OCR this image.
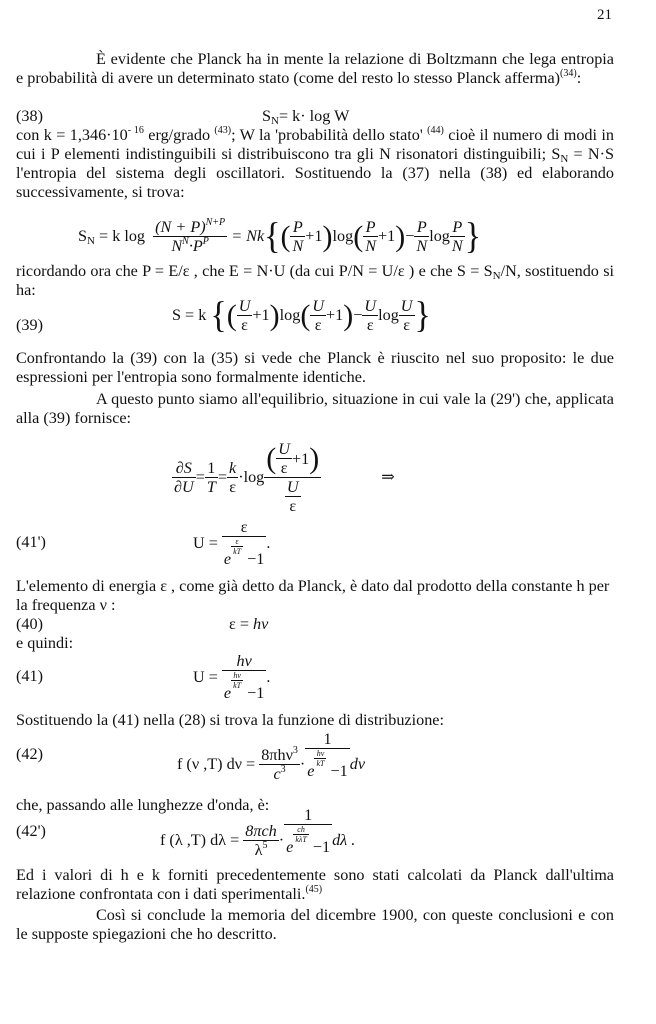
21
È evidente che Planck ha in mente la relazione di Boltzmann che lega entropia e probabilità di avere un determinato stato (come del resto lo stesso Planck afferma)$^{(34)}$:
(38)	$S_N= k\cdot \log W$
con $k = 1,346\cdot 10^{- 16}$ erg/grado $^{(43)}$; W la 'probabilità dello stato' $^{(44)}$ cioè il numero di modi in cui i P elementi indistinguibili si distribuiscono tra gli N risonatori distinguibili; $S_N = N\cdot S$ l'entropia del sistema degli oscillatori. Sostituendo la (37) nella (38) ed elaborando successivamente, si trova:
$S_N = k$ $\log \frac{(N + P)^{N+P}}{N^N\cdot P^P} = Nk\{( \frac{P}{N} +1)\log( \frac{P}{N} +1)- \frac{P}{N}$ $\log \frac{P}{N}$ }
ricordando ora che P = E/ε , che E = N·U (da cui P/N = U/ε ) e che $S = S_N/N$, sostituendo si ha:
(39)
S = k {( $\frac{U}{\varepsilon} +1)\log( \frac{U}{\varepsilon} +1)- \frac{U}{\varepsilon}$ $\log \frac{U}{\varepsilon}$ }
Confrontando la (39) con la (35) si vede che Planck è riuscito nel suo proposito: le due espressioni per l'entropia sono formalmente identiche.
A questo punto siamo all'equilibrio, situazione in cui vale la (29') che, applicata alla (39) fornisce:
$\frac{\partial S}{\partial U} = \frac{1}{T} = \frac{k}{\varepsilon} \cdot\log \frac{( \frac{U}{\varepsilon} +1)}{\frac{U}{\varepsilon}}$	⇒
(41')	U = ε
e
$\frac{\varepsilon}{kT}$
−1 .
L'elemento di energia ε , come già detto da Planck, è dato dal prodotto della constante h per la frequenza ν :
(40)	ε = hν
e quindi:
(41)	U = hν
e
$\frac{h\nu}{kT}$
−1 .
Sostituendo la (41) nella (28) si trova la funzione di distribuzione:
(42)
f (ν ,T) $d\nu = \frac{8\pi h\nu^3}{c^3} \cdot 1$
e
$\frac{h\nu}{kT}$
−1 dν
che, passando alle lunghezze d'onda, è:
(42')	f (λ ,T) $d\lambda = \frac{\text{8πch}}{\lambda^5} \cdot 1$
e
$\frac{ch}{\text{kλT}}$
−1 dλ .
Ed i valori di h e k forniti precedentemente sono stati calcolati da Planck dall'ultima relazione confrontata con i dati sperimentali.$^{(45)}$
Così si conclude la memoria del dicembre 1900, con queste conclusioni e con le supposte spiegazioni che ho descritto.
